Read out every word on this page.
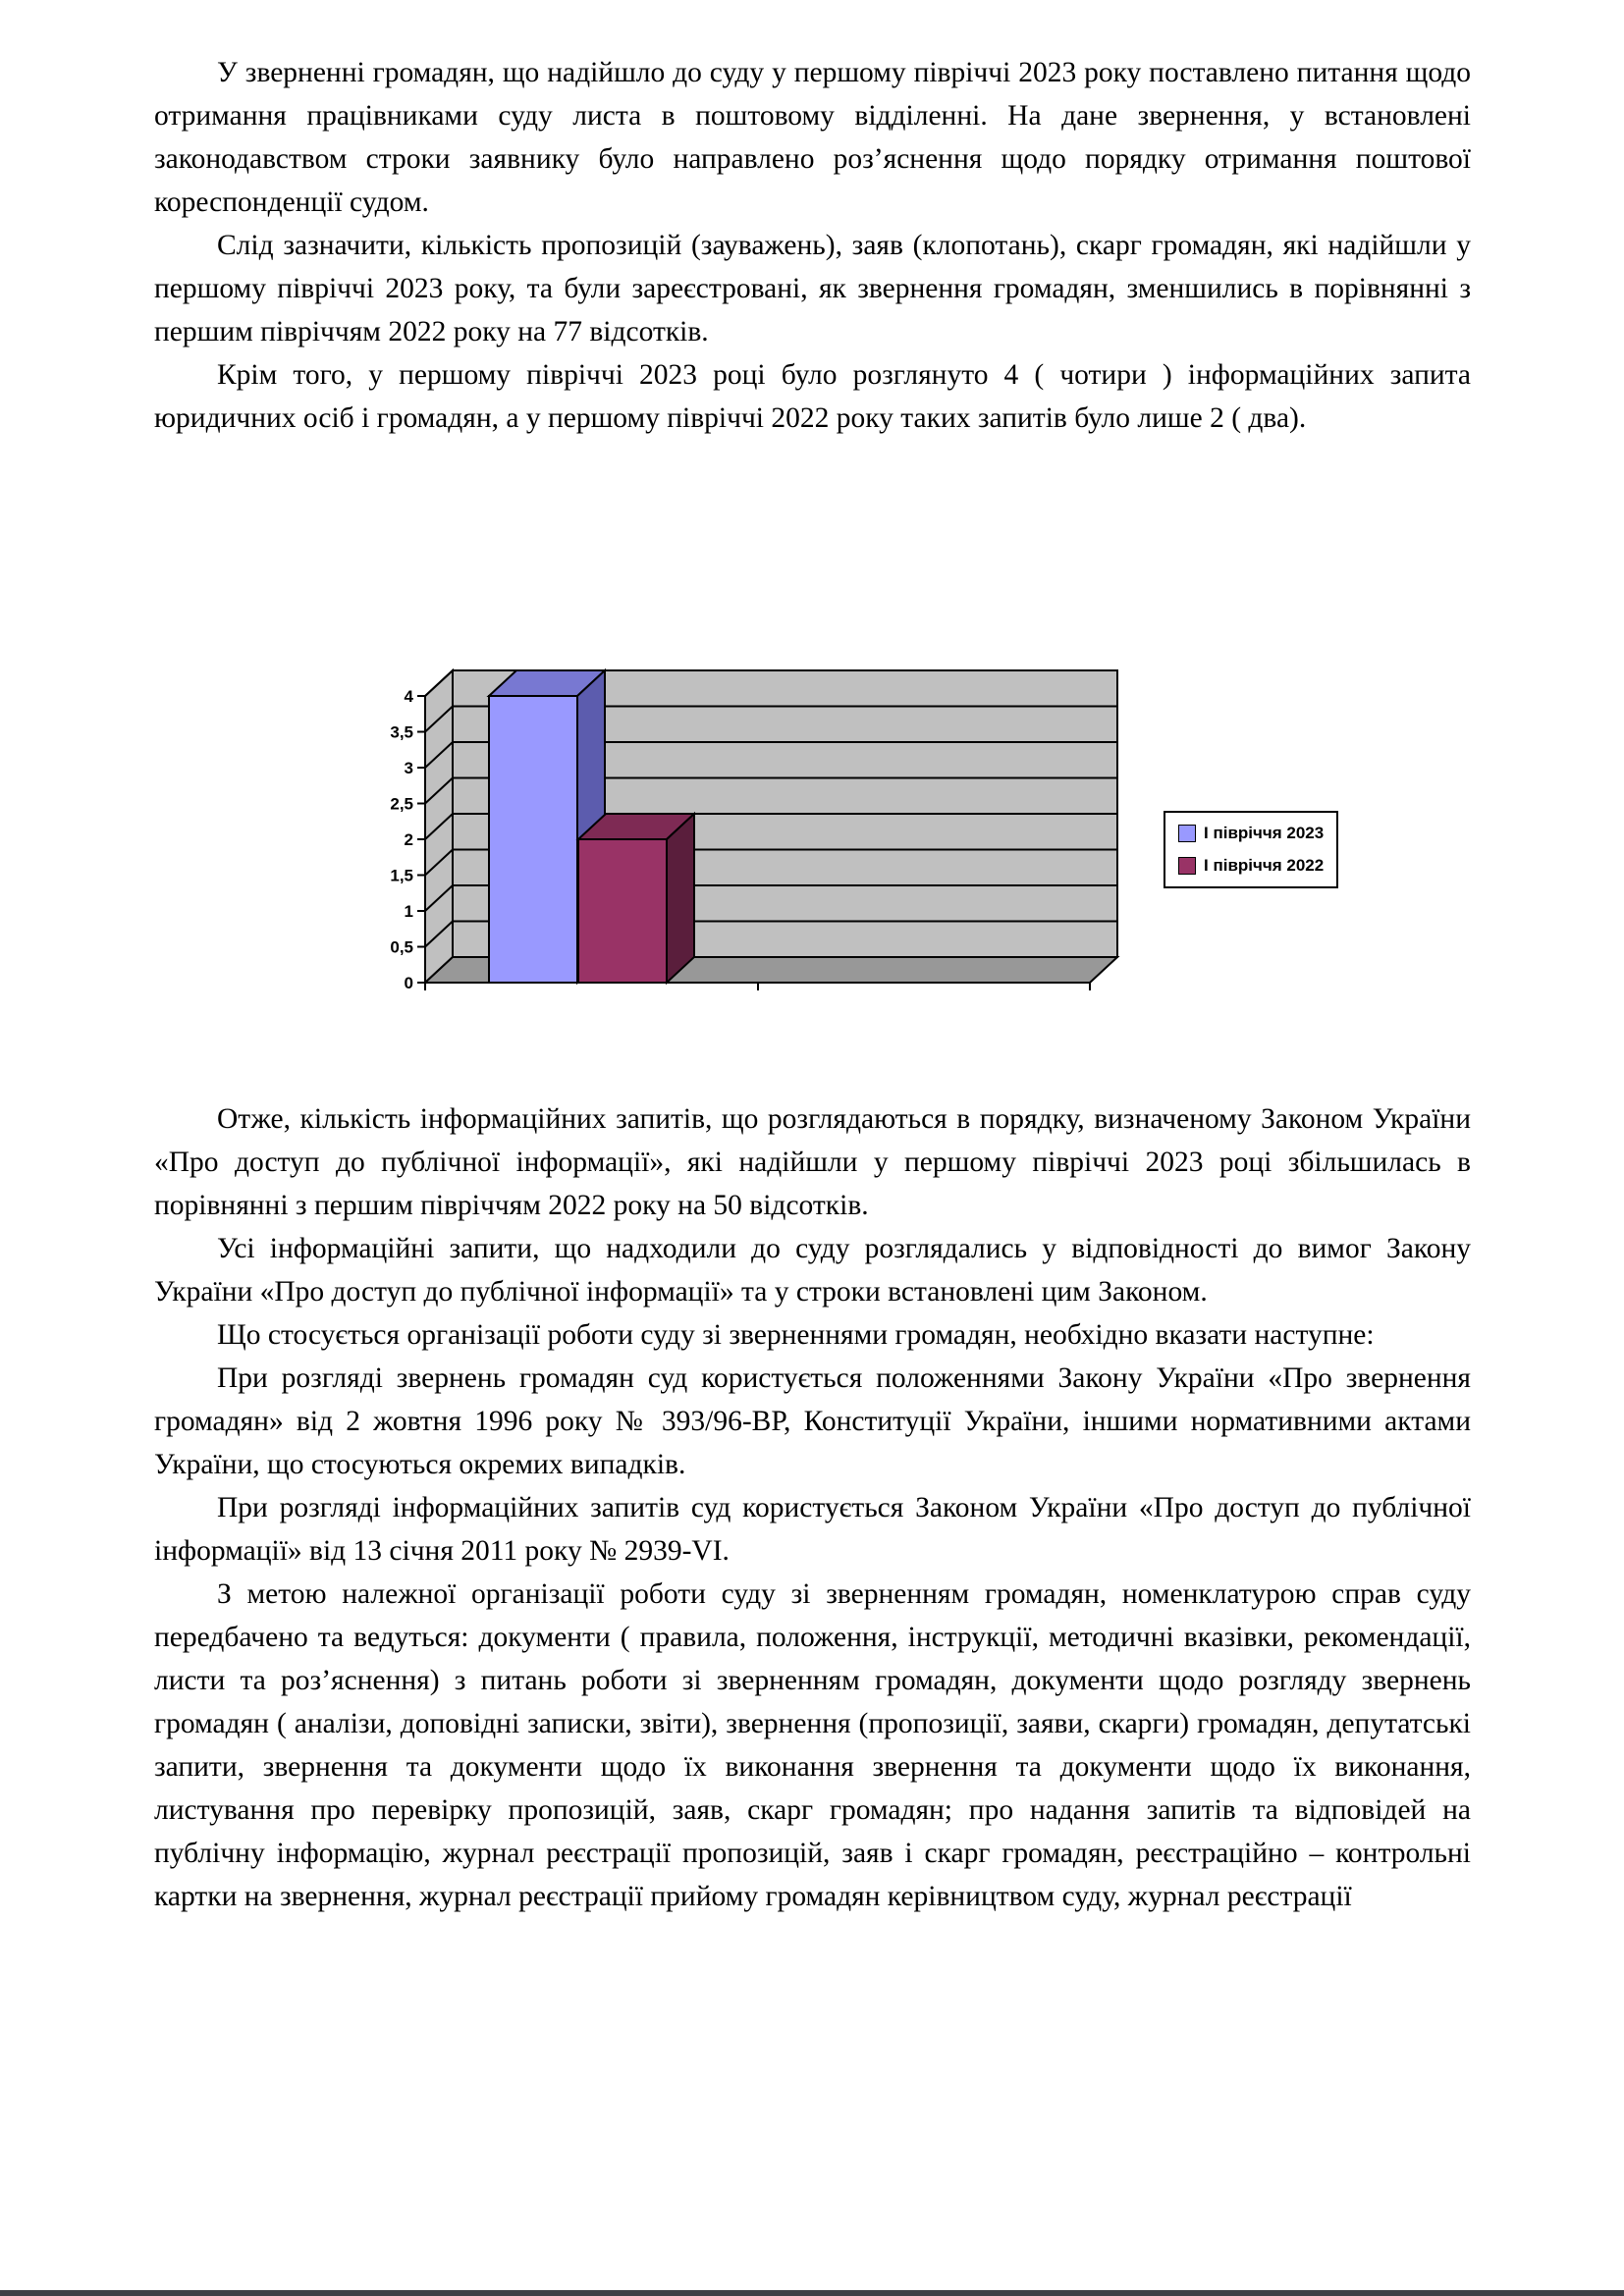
У зверненні громадян, що надійшло до суду у першому півріччі 2023 року поставлено питання щодо отримання працівниками суду листа в поштовому відділенні. На дане звернення, у встановлені законодавством строки заявнику було направлено роз’яснення щодо порядку отримання поштової кореспонденції судом.

Слід зазначити, кількість пропозицій (зауважень), заяв (клопотань), скарг громадян, які надійшли у першому півріччі 2023 року, та були зареєстровані, як звернення громадян, зменшились в порівнянні з першим півріччям 2022 року на 77 відсотків.

Крім того, у першому півріччі 2023 році було розглянуто 4 ( чотири ) інформаційних запита юридичних осіб і громадян, а у першому півріччі 2022 року таких запитів було лише 2 ( два).

0
0,5
1
1,5
2
2,5
3
3,5
4
І півріччя 2023
І півріччя 2022

Отже, кількість інформаційних запитів, що розглядаються в порядку, визначеному Законом України «Про доступ до публічної інформації», які надійшли у першому півріччі 2023 році збільшилась в порівнянні з першим півріччям 2022 року на 50 відсотків.

Усі інформаційні запити, що надходили до суду розглядались у відповідності до вимог Закону України «Про доступ до публічної інформації» та у строки встановлені цим Законом.

Що стосується організації роботи суду зі зверненнями громадян, необхідно вказати наступне:

При розгляді звернень громадян суд користується положеннями Закону України «Про звернення громадян» від 2 жовтня 1996 року № 393/96-ВР, Конституції України, іншими нормативними актами України, що стосуються окремих випадків.

При розгляді інформаційних запитів суд користується Законом України «Про доступ до публічної інформації» від 13 січня 2011 року № 2939-VI.

З метою належної організації роботи суду зі зверненням громадян, номенклатурою справ суду передбачено та ведуться: документи ( правила, положення, інструкції, методичні вказівки, рекомендації, листи та роз’яснення) з питань роботи зі зверненням громадян, документи щодо розгляду звернень громадян ( аналізи, доповідні записки, звіти), звернення (пропозиції, заяви, скарги) громадян, депутатські запити, звернення та документи щодо їх виконання звернення та документи щодо їх виконання, листування про перевірку пропозицій, заяв, скарг громадян; про надання запитів та відповідей на публічну інформацію, журнал реєстрації пропозицій, заяв і скарг громадян, реєстраційно – контрольні картки на звернення, журнал реєстрації прийому громадян керівництвом суду, журнал реєстрації
